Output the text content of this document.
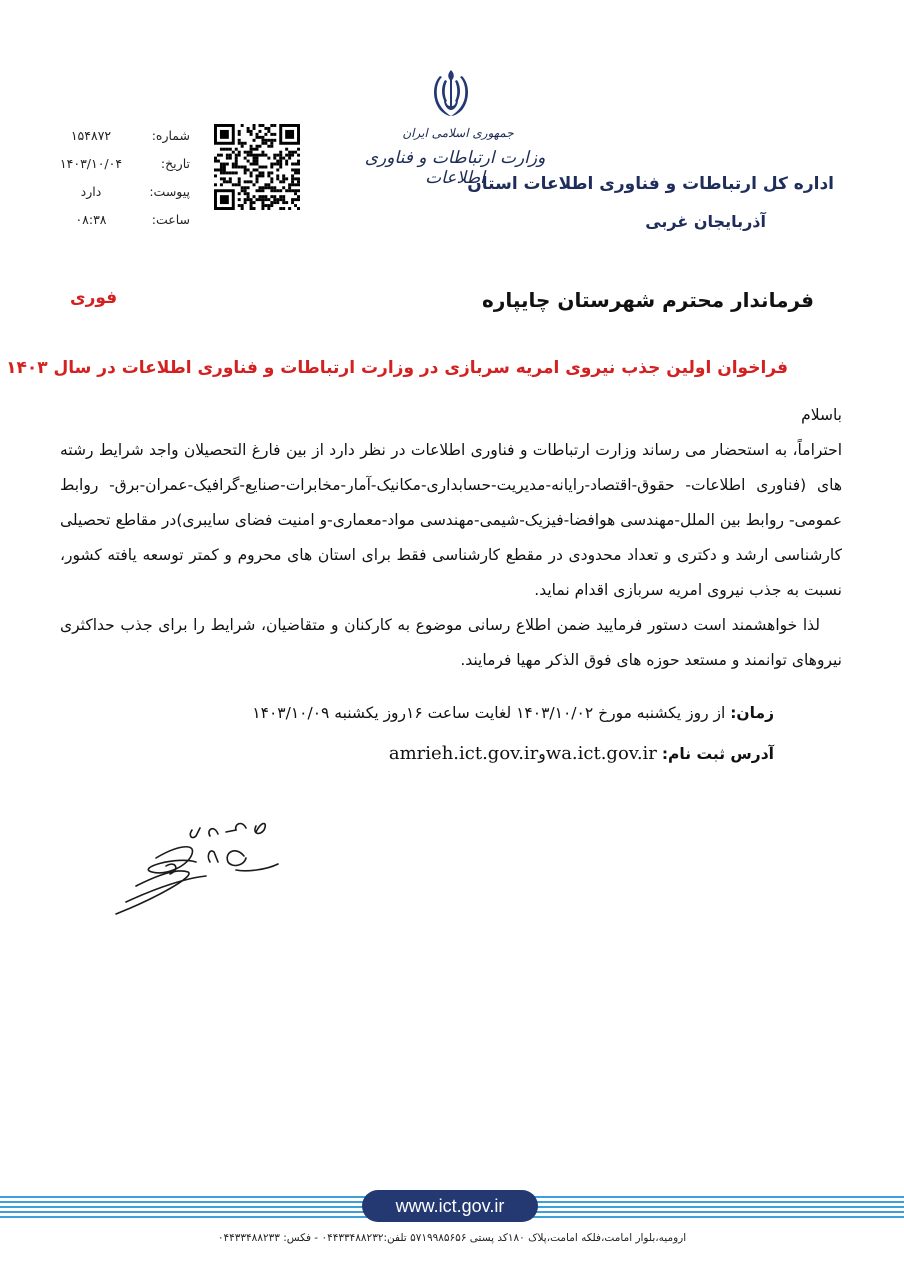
جمهوری اسلامی ایران
وزارت ارتباطات و فناوری اطلاعات
اداره کل ارتباطات و فناوری اطلاعات استان
آذربایجان غربی
شماره:
۱۵۴۸۷۲
تاریخ:
۱۴۰۳/۱۰/۰۴
پیوست:
دارد
ساعت:
۰۸:۳۸
فرماندار محترم شهرستان چایپاره
فوری
فراخوان اولین جذب نیروی امریه سربازی در وزارت ارتباطات و فناوری اطلاعات در سال ۱۴۰۳

باسلام

احتراماً، به استحضار می رساند وزارت ارتباطات و فناوری اطلاعات در نظر دارد از بین فارغ التحصیلان واجد شرایط رشته های (فناوری اطلاعات- حقوق-اقتصاد-رایانه-مدیریت-حسابداری-مکانیک-آمار-مخابرات-صنایع-گرافیک-عمران-برق- روابط عمومی- روابط بین الملل-مهندسی هوافضا-فیزیک-شیمی-مهندسی مواد-معماری-و امنیت فضای سایبری)در مقاطع تحصیلی کارشناسی ارشد و دکتری و تعداد محدودی در مقطع کارشناسی فقط برای استان های محروم و کمتر توسعه یافته کشور، نسبت به جذب نیروی امریه سربازی اقدام نماید.

لذا خواهشمند است دستور فرمایید ضمن اطلاع رسانی موضوع به کارکنان و متقاضیان، شرایط را برای جذب حداکثری نیروهای توانمند و مستعد حوزه های فوق الذکر مهیا فرمایند.

زمان: از روز یکشنبه مورخ ۱۴۰۳/۱۰/۰۲ لغایت ساعت ۱۶روز یکشنبه ۱۴۰۳/۱۰/۰۹
آدرس ثبت نام: wa.ict.gov.irوamrieh.ict.gov.ir
www.ict.gov.ir
ارومیه،بلوار امامت،فلکه امامت،پلاک ۱۸۰کد پستی ۵۷۱۹۹۸۵۶۵۶ تلفن:۰۴۴۳۳۴۸۸۲۳۲ - فکس: ۰۴۴۳۳۴۸۸۲۳۳
